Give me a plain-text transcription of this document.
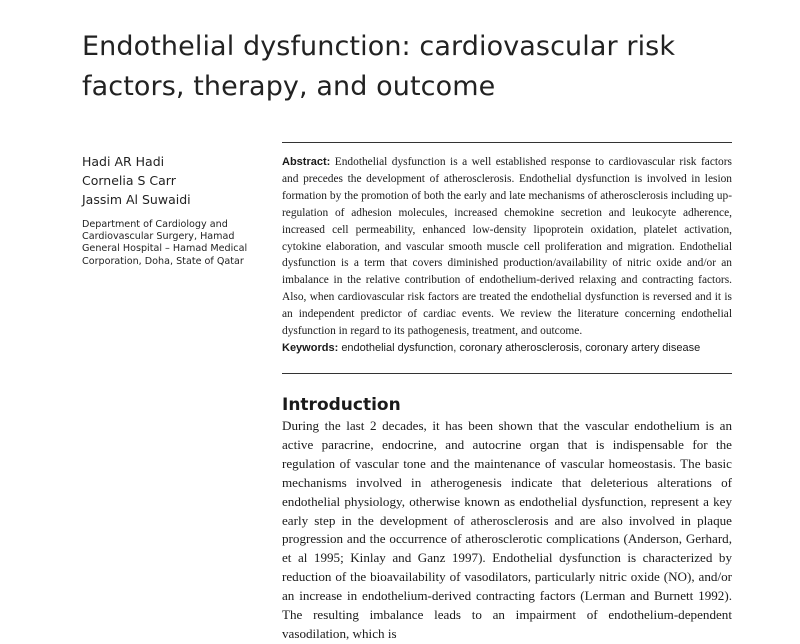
Endothelial dysfunction: cardiovascular risk factors, therapy, and outcome
Hadi AR Hadi
Cornelia S Carr
Jassim Al Suwaidi
Department of Cardiology and Cardiovascular Surgery, Hamad General Hospital – Hamad Medical Corporation, Doha, State of Qatar

Abstract: Endothelial dysfunction is a well established response to cardiovascular risk factors and precedes the development of atherosclerosis. Endothelial dysfunction is involved in lesion formation by the promotion of both the early and late mechanisms of atherosclerosis including up-regulation of adhesion molecules, increased chemokine secretion and leukocyte adherence, increased cell permeability, enhanced low-density lipoprotein oxidation, platelet activation, cytokine elaboration, and vascular smooth muscle cell proliferation and migration. Endothelial dysfunction is a term that covers diminished production/availability of nitric oxide and/or an imbalance in the relative contribution of endothelium-derived relaxing and contracting factors. Also, when cardiovascular risk factors are treated the endothelial dysfunction is reversed and it is an independent predictor of cardiac events. We review the literature concerning endothelial dysfunction in regard to its pathogenesis, treatment, and outcome.

Keywords: endothelial dysfunction, coronary atherosclerosis, coronary artery disease

Introduction

During the last 2 decades, it has been shown that the vascular endothelium is an active paracrine, endocrine, and autocrine organ that is indispensable for the regulation of vascular tone and the maintenance of vascular homeostasis. The basic mechanisms involved in atherogenesis indicate that deleterious alterations of endothelial physiology, otherwise known as endothelial dysfunction, represent a key early step in the development of atherosclerosis and are also involved in plaque progression and the occurrence of atherosclerotic complications (Anderson, Gerhard, et al 1995; Kinlay and Ganz 1997). Endothelial dysfunction is characterized by reduction of the bioavailability of vasodilators, particularly nitric oxide (NO), and/or an increase in endothelium-derived contracting factors (Lerman and Burnett 1992). The resulting imbalance leads to an impairment of endothelium-dependent vasodilation, which is
